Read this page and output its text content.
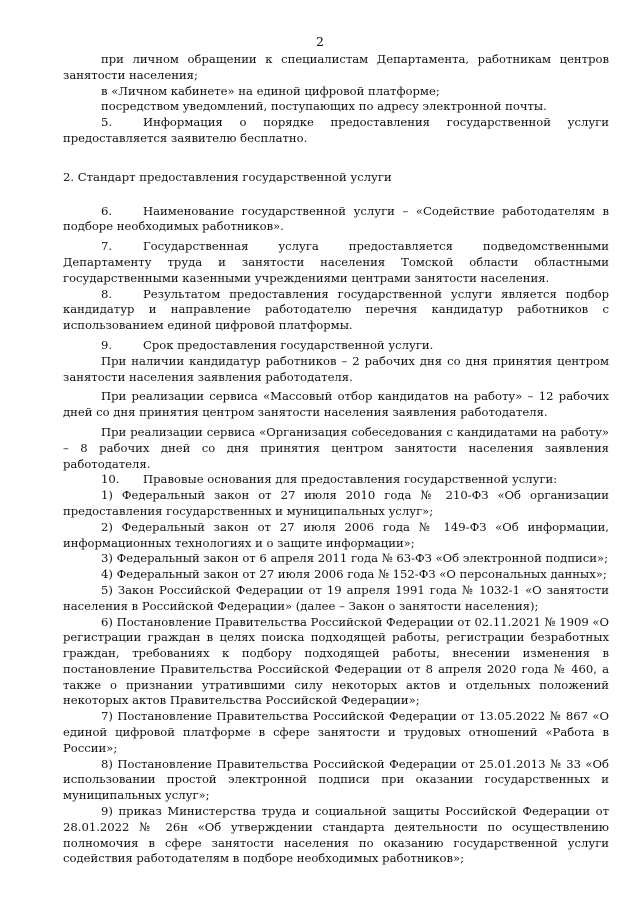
2

при личном обращении к специалистам Департамента, работникам центров занятости населения;

в «Личном кабинете» на единой цифровой платформе;

посредством уведомлений, поступающих по адресу электронной почты.

5.	Информация о порядке предоставления государственной услуги предоставляется заявителю бесплатно.

2. Стандарт предоставления государственной услуги

6.	Наименование государственной услуги – «Содействие работодателям в подборе необходимых работников».

7.	Государственная услуга предоставляется подведомственными Департаменту труда и занятости населения Томской области областными государственными казенными учреждениями центрами занятости населения.

8.	Результатом предоставления государственной услуги является подбор кандидатур и направление работодателю перечня кандидатур работников с использованием единой цифровой платформы.

9.	Срок предоставления государственной услуги.

При наличии кандидатур работников – 2 рабочих дня со дня принятия центром занятости населения заявления работодателя.

При реализации сервиса «Массовый отбор кандидатов на работу» – 12 рабочих дней со дня принятия центром занятости населения заявления работодателя.

При реализации сервиса «Организация собеседования с кандидатами на работу» – 8 рабочих дней со дня принятия центром занятости населения заявления работодателя.

10. Правовые основания для предоставления государственной услуги:

1) Федеральный закон от 27 июля 2010 года № 210-ФЗ «Об организации предоставления государственных и муниципальных услуг»;

2) Федеральный закон от 27 июля 2006 года № 149-ФЗ «Об информации, информационных технологиях и о защите информации»;

3) Федеральный закон от 6 апреля 2011 года № 63-ФЗ «Об электронной подписи»;

4) Федеральный закон от 27 июля 2006 года № 152-ФЗ «О персональных данных»;

5) Закон Российской Федерации от 19 апреля 1991 года № 1032-1 «О занятости населения в Российской Федерации» (далее – Закон о занятости населения);

6) Постановление Правительства Российской Федерации от 02.11.2021 № 1909 «О регистрации граждан в целях поиска подходящей работы, регистрации безработных граждан, требованиях к подбору подходящей работы, внесении изменения в постановление Правительства Российской Федерации от 8 апреля 2020 года № 460, а также о признании утратившими силу некоторых актов и отдельных положений некоторых актов Правительства Российской Федерации»;

7) Постановление Правительства Российской Федерации от 13.05.2022 № 867 «О единой цифровой платформе в сфере занятости и трудовых отношений «Работа в России»;

8) Постановление Правительства Российской Федерации от 25.01.2013 № 33 «Об использовании простой электронной подписи при оказании государственных и муниципальных услуг»;

9) приказ Министерства труда и социальной защиты Российской Федерации от 28.01.2022 № 26н «Об утверждении стандарта деятельности по осуществлению полномочия в сфере занятости населения по оказанию государственной услуги содействия работодателям в подборе необходимых работников»;
